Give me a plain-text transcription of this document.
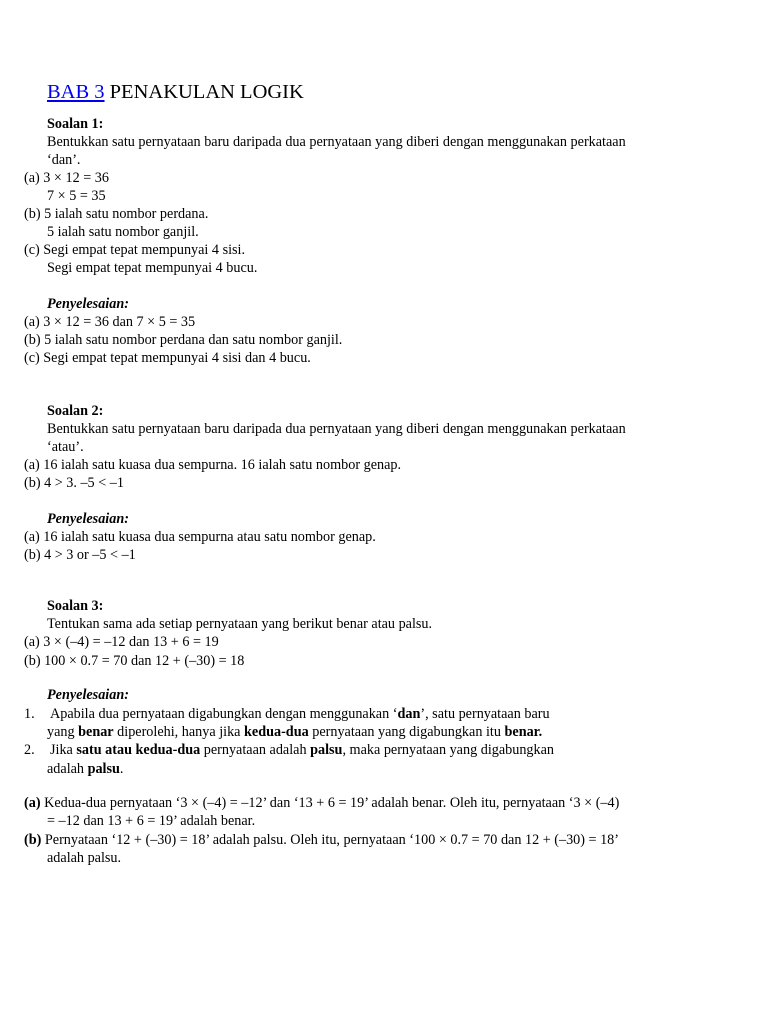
BAB 3 PENAKULAN LOGIK
Soalan 1:
Bentukkan satu pernyataan baru daripada dua pernyataan yang diberi dengan menggunakan perkataan
‘dan’.
(a) 3 × 12 = 36
7 × 5 = 35
(b) 5 ialah satu nombor perdana.
5 ialah satu nombor ganjil.
(c) Segi empat tepat mempunyai 4 sisi.
Segi empat tepat mempunyai 4 bucu.
Penyelesaian:
(a) 3 × 12 = 36 dan 7 × 5 = 35
(b) 5 ialah satu nombor perdana dan satu nombor ganjil.
(c) Segi empat tepat mempunyai 4 sisi dan 4 bucu.
Soalan 2:
Bentukkan satu pernyataan baru daripada dua pernyataan yang diberi dengan menggunakan perkataan
‘atau’.
(a) 16 ialah satu kuasa dua sempurna. 16 ialah satu nombor genap.
(b) 4 > 3. –5 < –1
Penyelesaian:
(a) 16 ialah satu kuasa dua sempurna atau satu nombor genap.
(b) 4 > 3 or –5 < –1
Soalan 3:
Tentukan sama ada setiap pernyataan yang berikut benar atau palsu.
(a) 3 × (–4) = –12 dan 13 + 6 = 19
(b) 100 × 0.7 = 70 dan 12 + (–30) = 18
Penyelesaian:
1. Apabila dua pernyataan digabungkan dengan menggunakan ‘dan’, satu pernyataan baru
yang benar diperolehi, hanya jika kedua-dua pernyataan yang digabungkan itu benar.
2. Jika satu atau kedua-dua pernyataan adalah palsu, maka pernyataan yang digabungkan
adalah palsu.
(a) Kedua-dua pernyataan ‘3 × (–4) = –12’ dan ‘13 + 6 = 19’ adalah benar. Oleh itu, pernyataan ‘3 × (–4)
= –12 dan 13 + 6 = 19’ adalah benar.
(b) Pernyataan ‘12 + (–30) = 18’ adalah palsu. Oleh itu, pernyataan ‘100 × 0.7 = 70 dan 12 + (–30) = 18’
adalah palsu.
